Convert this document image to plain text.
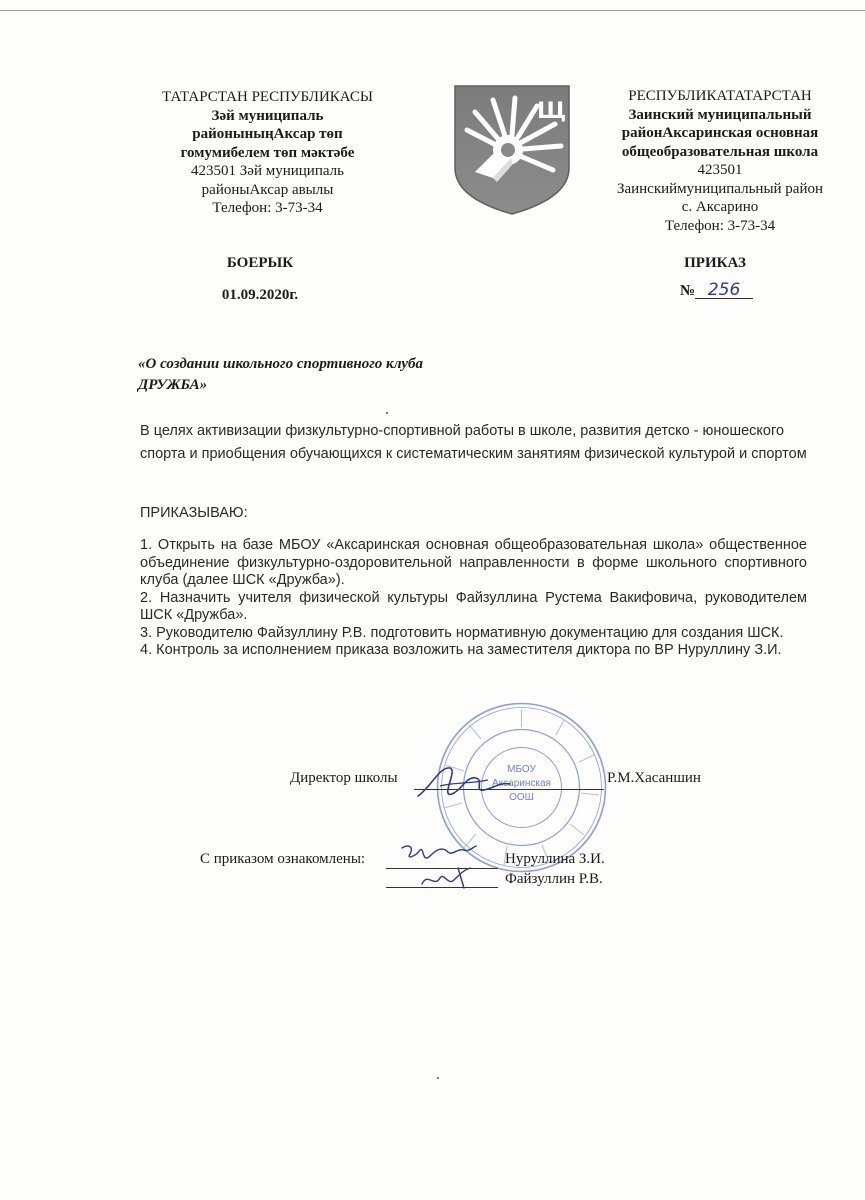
ТАТАРСТАН РЕСПУБЛИКАСЫ
Зәй муниципаль
районыныңАксар төп
гомумибелем төп мәктәбе
423501 Зәй муниципаль
районыАксар авылы
Телефон: 3-73-34
Щ
РЕСПУБЛИКАТАТАРСТАН
Заинский муниципальный
районАксаринская основная
общеобразовательная школа
423501
Заинскиймуниципальный район
с. Аксарино
Телефон: 3-73-34
БОЕРЫК
01.09.2020г.
ПРИКАЗ
№ 256
«О создании школьного спортивного клуба
ДРУЖБА»
В целях активизации физкультурно-спортивной работы в школе, развития детско - юношеского спорта и приобщения обучающихся к систематическим занятиям физической культурой и спортом
ПРИКАЗЫВАЮ:

1. Открыть на базе МБОУ «Аксаринская основная общеобразовательная школа» общественное объединение физкультурно-оздоровительной направленности в форме школьного спортивного клуба (далее ШСК «Дружба»).

2. Назначить учителя физической культуры Файзуллина Рустема Вакифовича, руководителем ШСК «Дружба».

3. Руководителю Файзуллину Р.В. подготовить нормативную документацию для создания ШСК.

4. Контроль за исполнением приказа возложить на заместителя диктора по ВР Нуруллину З.И.

МБОУ
Аксаринская
ООШ
Директор школы	Р.М.Хасаншин
С приказом ознакомлены:	Нуруллина З.И.
Файзуллин Р.В.
